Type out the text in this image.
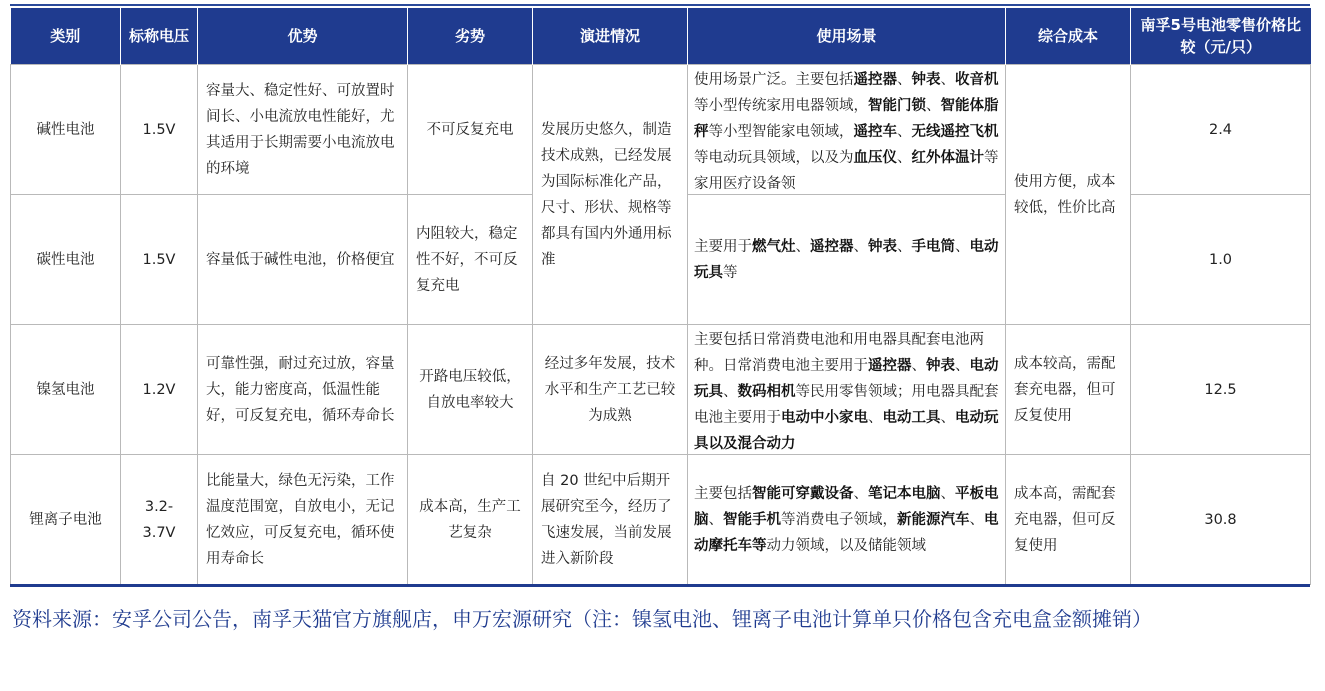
类别	标称电压	优势	劣势	演进情况	使用场景	综合成本	南孚5号电池零售价格比较（元/只）
碱性电池	1.5V	容量大、稳定性好、可放置时间长、小电流放电性能好，尤其适用于长期需要小电流放电的环境	不可反复充电	发展历史悠久，制造技术成熟，已经发展为国际标准化产品，尺寸、形状、规格等都具有国内外通用标准	使用场景广泛。主要包括遥控器、钟表、收音机等小型传统家用电器领域，智能门锁、智能体脂秤等小型智能家电领域，遥控车、无线遥控飞机等电动玩具领域，以及为血压仪、红外体温计等家用医疗设备领	使用方便，成本较低，性价比高	2.4
碳性电池	1.5V	容量低于碱性电池，价格便宜	内阻较大，稳定性不好，不可反复充电		主要用于燃气灶、遥控器、钟表、手电筒、电动玩具等		1.0
镍氢电池	1.2V	可靠性强，耐过充过放，容量大，能力密度高，低温性能好，可反复充电，循环寿命长	开路电压较低，自放电率较大	经过多年发展，技术水平和生产工艺已较为成熟	主要包括日常消费电池和用电器具配套电池两种。日常消费电池主要用于遥控器、钟表、电动玩具、数码相机等民用零售领域；用电器具配套电池主要用于电动中小家电、电动工具、电动玩具以及混合动力	成本较高，需配套充电器，但可反复使用	12.5
锂离子电池	3.2-3.7V	比能量大，绿色无污染，工作温度范围宽，自放电小，无记忆效应，可反复充电，循环使用寿命长	成本高，生产工艺复杂	自 20 世纪中后期开展研究至今，经历了飞速发展，当前发展进入新阶段	主要包括智能可穿戴设备、笔记本电脑、平板电脑、智能手机等消费电子领域，新能源汽车、电动摩托车等动力领域，以及储能领域	成本高，需配套充电器，但可反复使用	30.8
资料来源：安孚公司公告，南孚天猫官方旗舰店，申万宏源研究（注：镍氢电池、锂离子电池计算单只价格包含充电盒金额摊销）
